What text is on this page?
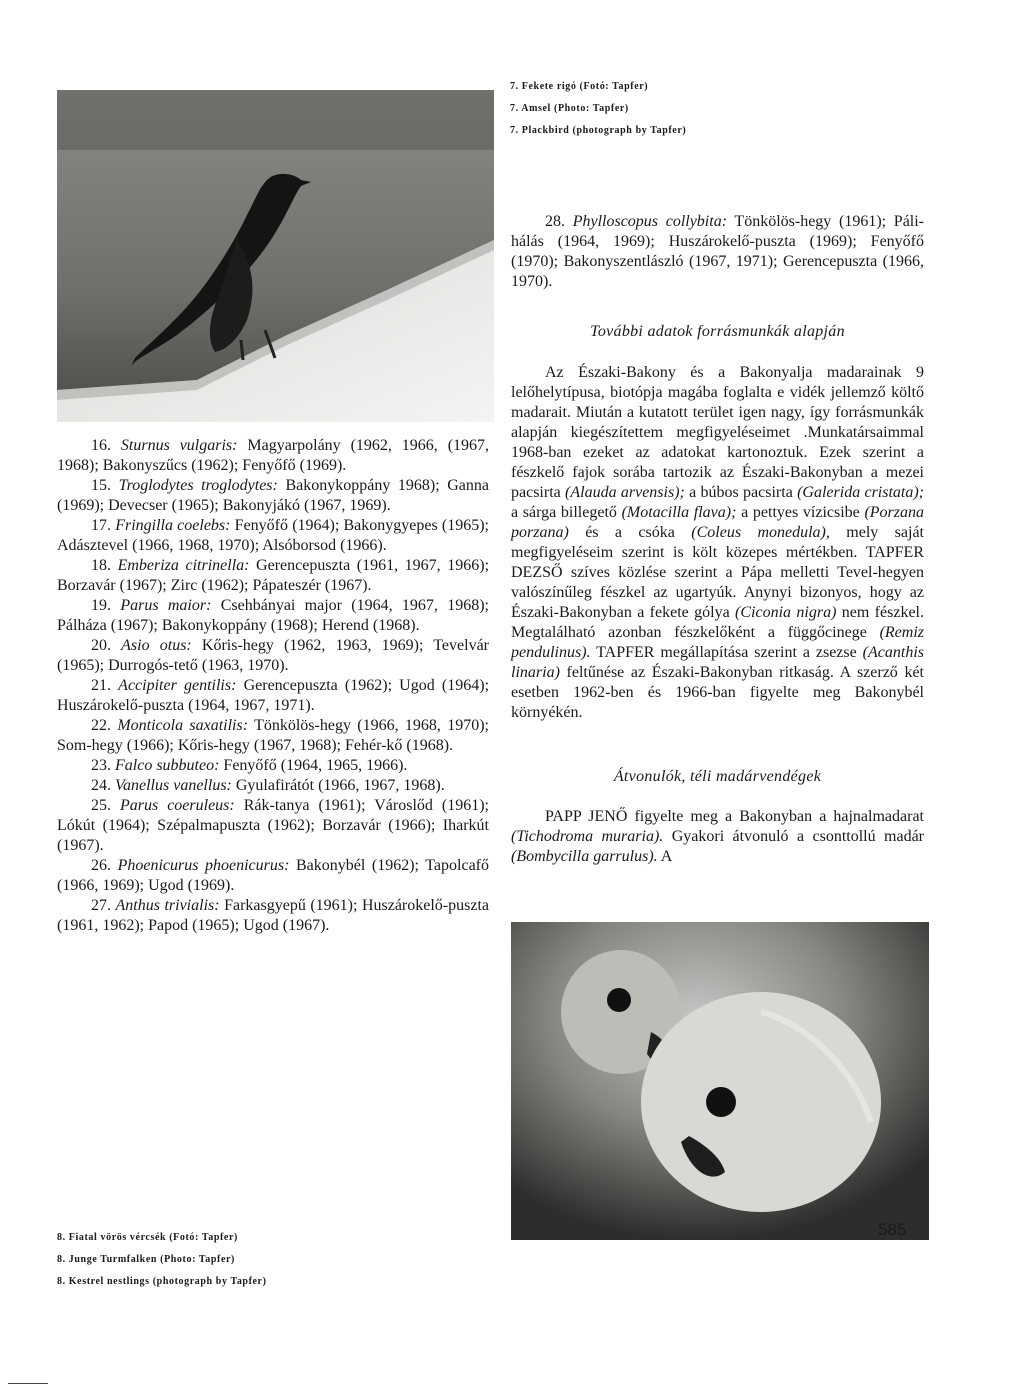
7. Fekete rigó (Fotó: Tapfer)

7. Amsel (Photo: Tapfer)

7. Plackbird (photograph by Tapfer)

28. Phylloscopus collybita: Tönkölös-hegy (1961); Páli-hálás (1964, 1969); Huszárokelő-puszta (1969); Fenyőfő (1970); Bakonyszentlászló (1967, 1971); Gerencepuszta (1966, 1970).

További adatok forrásmunkák alapján

Az Északi-Bakony és a Bakonyalja madarainak 9 lelőhelytípusa, biotópja magába foglalta e vidék jellemző költő madarait. Miután a kutatott terület igen nagy, így forrásmunkák alapján kiegészítettem megfigyeléseimet .Munkatársaimmal 1968-ban ezeket az adatokat kartonoztuk. Ezek szerint a fészkelő fajok sorába tartozik az Északi-Bakonyban a mezei pacsirta (Alauda arvensis); a búbos pacsirta (Galerida cristata); a sárga billegető (Motacilla flava); a pettyes vízicsibe (Porzana porzana) és a csóka (Coleus monedula), mely saját megfigyeléseim szerint is költ közepes mértékben. TAPFER DEZSŐ szíves közlése szerint a Pápa melletti Tevel-hegyen valószínűleg fészkel az ugartyúk. Anynyi bizonyos, hogy az Északi-Bakonyban a fekete gólya (Ciconia nigra) nem fészkel. Megtalálható azonban fészkelőként a függőcinege (Remiz pendulinus). TAPFER megállapítása szerint a zsezse (Acanthis linaria) feltűnése az Északi-Bakonyban ritkaság. A szerző két esetben 1962-ben és 1966-ban figyelte meg Bakonybél környékén.

Átvonulók, téli madárvendégek

PAPP JENŐ figyelte meg a Bakonyban a hajnalmadarat (Tichodroma muraria). Gyakori átvonuló a csonttollú madár (Bombycilla garrulus). A

16. Sturnus vulgaris: Magyarpolány (1962, 1966, (1967, 1968); Bakonyszűcs (1962); Fenyőfő (1969).

15. Troglodytes troglodytes: Bakonykoppány 1968); Ganna (1969); Devecser (1965); Bakonyjákó (1967, 1969).

17. Fringilla coelebs: Fenyőfő (1964); Bakonygyepes (1965); Adásztevel (1966, 1968, 1970); Alsóborsod (1966).

18. Emberiza citrinella: Gerencepuszta (1961, 1967, 1966); Borzavár (1967); Zirc (1962); Pápateszér (1967).

19. Parus maior: Csehbányai major (1964, 1967, 1968); Pálháza (1967); Bakonykoppány (1968); Herend (1968).

20. Asio otus: Kőris-hegy (1962, 1963, 1969); Tevelvár (1965); Durrogós-tető (1963, 1970).

21. Accipiter gentilis: Gerencepuszta (1962); Ugod (1964); Huszárokelő-puszta (1964, 1967, 1971).

22. Monticola saxatilis: Tönkölös-hegy (1966, 1968, 1970); Som-hegy (1966); Kőris-hegy (1967, 1968); Fehér-kő (1968).

23. Falco subbuteo: Fenyőfő (1964, 1965, 1966).

24. Vanellus vanellus: Gyulafirátót (1966, 1967, 1968).

25. Parus coeruleus: Rák-tanya (1961); Városlőd (1961); Lókút (1964); Szépalmapuszta (1962); Borzavár (1966); Iharkút (1967).

26. Phoenicurus phoenicurus: Bakonybél (1962); Tapolcafő (1966, 1969); Ugod (1969).

27. Anthus trivialis: Farkasgyepű (1961); Huszárokelő-puszta (1961, 1962); Papod (1965); Ugod (1967).

8. Fiatal vörös vércsék (Fotó: Tapfer)

8. Junge Turmfalken (Photo: Tapfer)

8. Kestrel nestlings (photograph by Tapfer)

585
